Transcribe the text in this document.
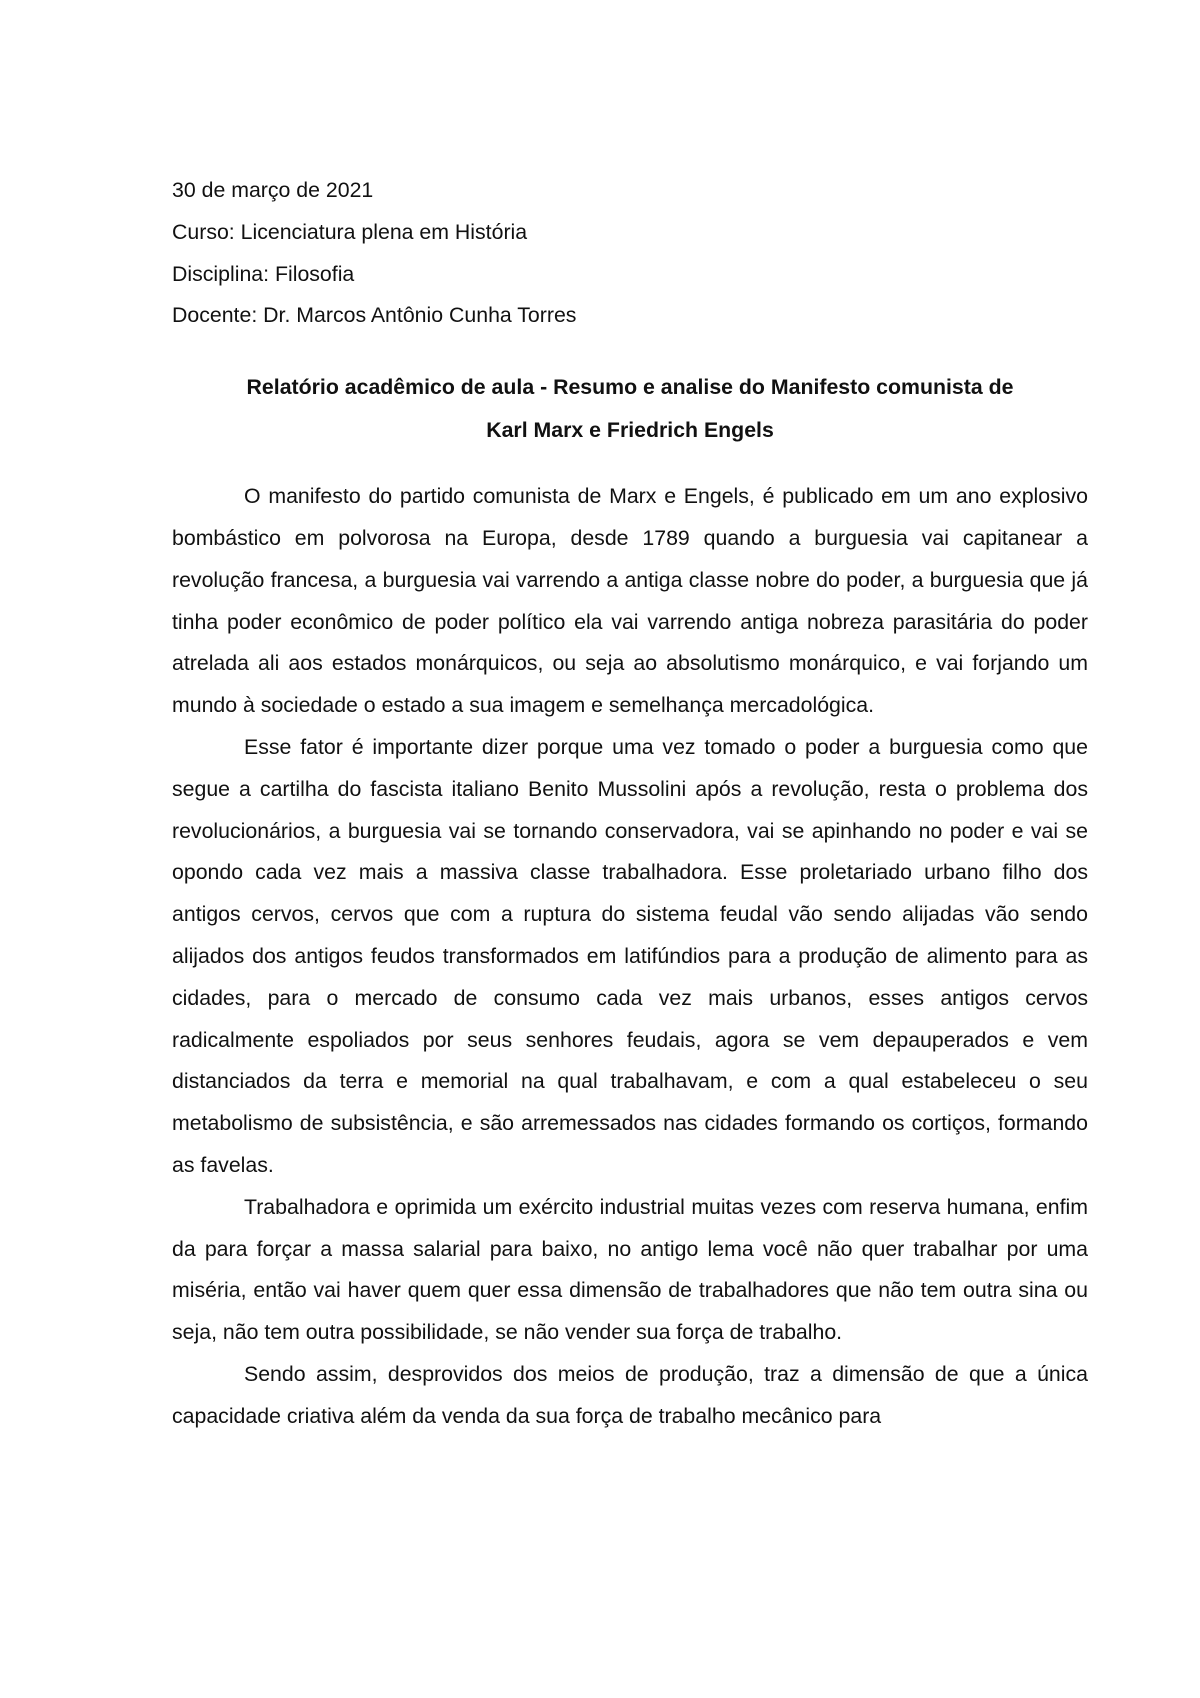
30 de março de 2021

Curso: Licenciatura plena em História

Disciplina: Filosofia

Docente: Dr. Marcos Antônio Cunha Torres

Relatório acadêmico de aula - Resumo e analise do Manifesto comunista de
Karl Marx e Friedrich Engels

O manifesto do partido comunista de Marx e Engels, é publicado em um ano explosivo bombástico em polvorosa na Europa, desde 1789 quando a burguesia vai capitanear a revolução francesa, a burguesia vai varrendo a antiga classe nobre do poder, a burguesia que já tinha poder econômico de poder político ela vai varrendo antiga nobreza parasitária do poder atrelada ali aos estados monárquicos, ou seja ao absolutismo monárquico, e vai forjando um mundo à sociedade o estado a sua imagem e semelhança mercadológica.

Esse fator é importante dizer porque uma vez tomado o poder a burguesia como que segue a cartilha do fascista italiano Benito Mussolini após a revolução, resta o problema dos revolucionários, a burguesia vai se tornando conservadora, vai se apinhando no poder e vai se opondo cada vez mais a massiva classe trabalhadora. Esse proletariado urbano filho dos antigos cervos, cervos que com a ruptura do sistema feudal vão sendo alijadas vão sendo alijados dos antigos feudos transformados em latifúndios para a produção de alimento para as cidades, para o mercado de consumo cada vez mais urbanos, esses antigos cervos radicalmente espoliados por seus senhores feudais, agora se vem depauperados e vem distanciados da terra e memorial na qual trabalhavam, e com a qual estabeleceu o seu metabolismo de subsistência, e são arremessados nas cidades formando os cortiços, formando as favelas.

Trabalhadora e oprimida um exército industrial muitas vezes com reserva humana, enfim da para forçar a massa salarial para baixo, no antigo lema você não quer trabalhar por uma miséria, então vai haver quem quer essa dimensão de trabalhadores que não tem outra sina ou seja, não tem outra possibilidade, se não vender sua força de trabalho.

Sendo assim, desprovidos dos meios de produção, traz a dimensão de que a única capacidade criativa além da venda da sua força de trabalho mecânico para
